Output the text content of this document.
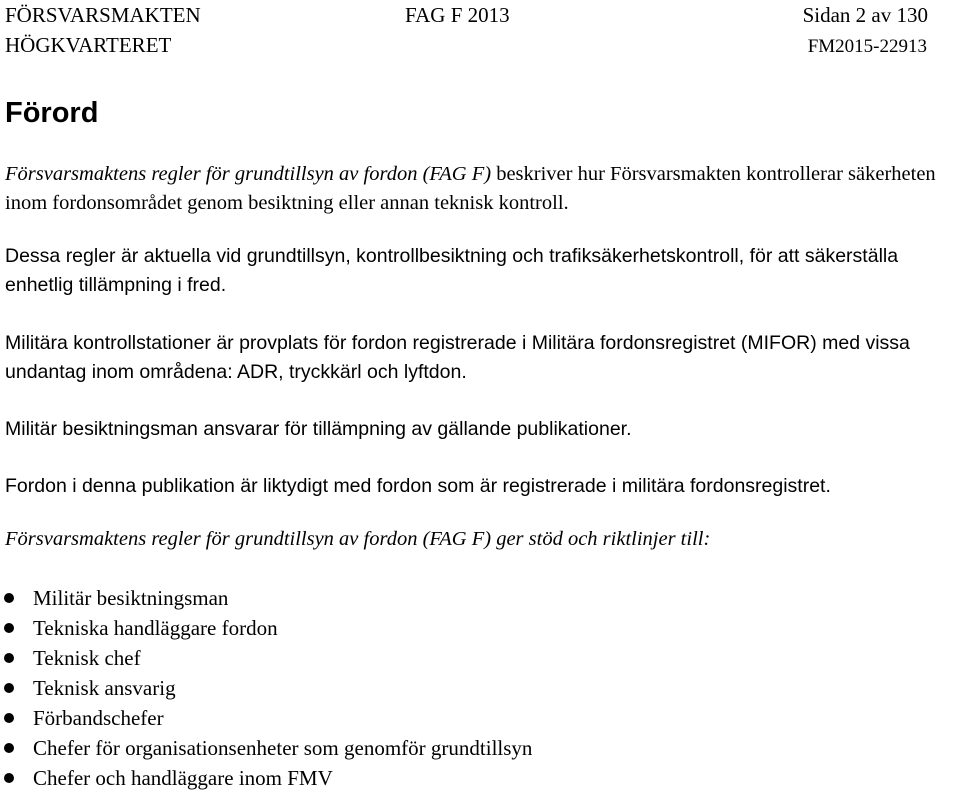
FÖRSVARSMAKTEN	FAG F 2013	Sidan 2 av 130
HÖGKVARTERET	FM2015-22913
Förord

Försvarsmaktens regler för grundtillsyn av fordon (FAG F) beskriver hur Försvarsmakten kontrollerar säkerheten inom fordonsområdet genom besiktning eller annan teknisk kontroll.

Dessa regler är aktuella vid grundtillsyn, kontrollbesiktning och trafiksäkerhetskontroll, för att säkerställa enhetlig tillämpning i fred.

Militära kontrollstationer är provplats för fordon registrerade i Militära fordonsregistret (MIFOR) med vissa undantag inom områdena: ADR, tryckkärl och lyftdon.

Militär besiktningsman ansvarar för tillämpning av gällande publikationer.

Fordon i denna publikation är liktydigt med fordon som är registrerade i militära fordonsregistret.

Försvarsmaktens regler för grundtillsyn av fordon (FAG F) ger stöd och riktlinjer till:

Militär besiktningsman
Tekniska handläggare fordon
Teknisk chef
Teknisk ansvarig
Förbandschefer
Chefer för organisationsenheter som genomför grundtillsyn
Chefer och handläggare inom FMV
